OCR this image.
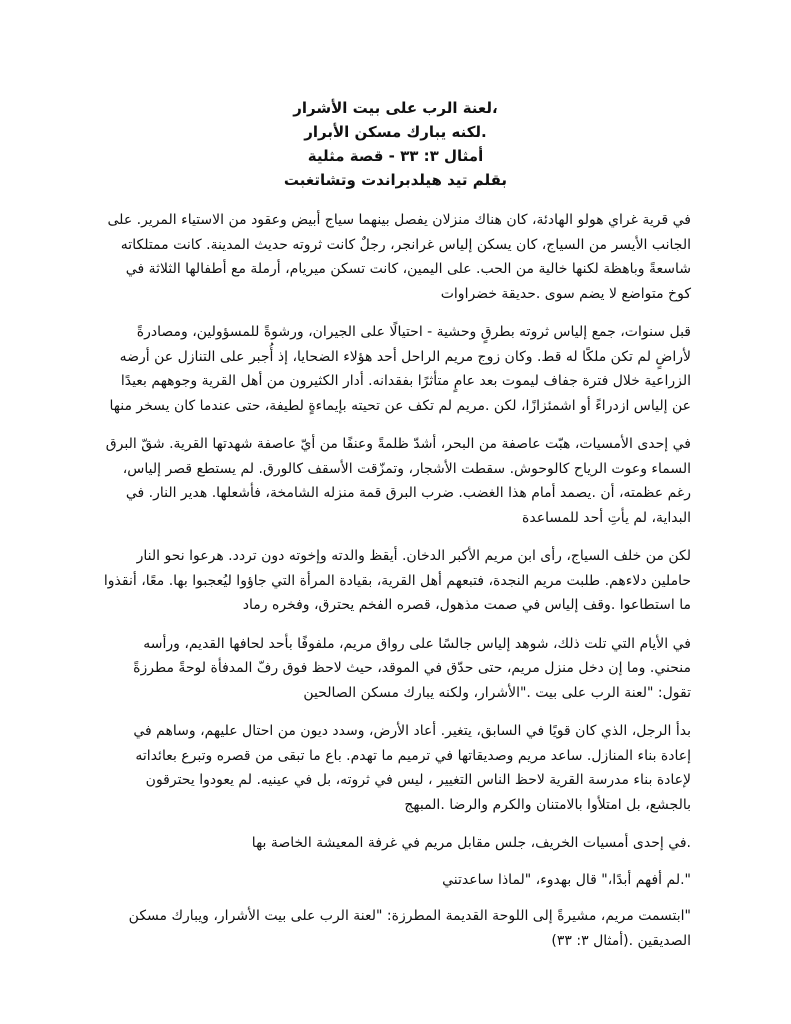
،لعنة الرب على بيت الأشرار
.لكنه يبارك مسكن الأبرار
أمثال ٣: ٣٣ - قصة مثلية
بقلم تيد هيلدبراندت وتشاتغبت

في قرية غراي هولو الهادئة، كان هناك منزلان يفصل بينهما سياج أبيض وعقود من الاستياء المرير. على الجانب الأيسر من السياج، كان يسكن إلياس غرانجر، رجلٌ كانت ثروته حديث المدينة. كانت ممتلكاته شاسعةً وباهظة لكنها خالية من الحب. على اليمين، كانت تسكن ميريام، أرملة مع أطفالها الثلاثة في كوخ متواضع لا يضم سوى .حديقة خضراوات

قبل سنوات، جمع إلياس ثروته بطرقٍ وحشية - احتيالًا على الجيران، ورشوةً للمسؤولين، ومصادرةً لأراضٍ لم تكن ملكًا له قط. وكان زوج مريم الراحل أحد هؤلاء الضحايا، إذ أُجبر على التنازل عن أرضه الزراعية خلال فترة جفاف ليموت بعد عامٍ متأثرًا بفقدانه. أدار الكثيرون من أهل القرية وجوههم بعيدًا عن إلياس ازدراءً أو اشمئزازًا، لكن .مريم لم تكف عن تحيته بإيماءةٍ لطيفة، حتى عندما كان يسخر منها

في إحدى الأمسيات، هبّت عاصفة من البحر، أشدّ ظلمةً وعنفًا من أيّ عاصفة شهدتها القرية. شقّ البرق السماء وعوت الرياح كالوحوش. سقطت الأشجار، وتمزّقت الأسقف كالورق. لم يستطع قصر إلياس، رغم عظمته، أن .يصمد أمام هذا الغضب. ضرب البرق قمة منزله الشامخة، فأشعلها. هدير النار. في البداية، لم يأتِ أحد للمساعدة

لكن من خلف السياج، رأى ابن مريم الأكبر الدخان. أيقظ والدته وإخوته دون تردد. هرعوا نحو النار حاملين دلاءهم. طلبت مريم النجدة، فتبعهم أهل القرية، بقيادة المرأة التي جاؤوا ليُعجبوا بها. معًا، أنقذوا ما استطاعوا .وقف إلياس في صمت مذهول، قصره الفخم يحترق، وفخره رماد

في الأيام التي تلت ذلك، شوهد إلياس جالسًا على رواق مريم، ملفوفًا بأحد لحافها القديم، ورأسه منحني. وما إن دخل منزل مريم، حتى حدّق في الموقد، حيث لاحظ فوق رفّ المدفأة لوحةً مطرزةً تقول: "لعنة الرب على بيت ."الأشرار، ولكنه يبارك مسكن الصالحين

بدأ الرجل، الذي كان قويًا في السابق، يتغير. أعاد الأرض، وسدد ديون من احتال عليهم، وساهم في إعادة بناء المنازل. ساعد مريم وصديقاتها في ترميم ما تهدم. باع ما تبقى من قصره وتبرع بعائداته لإعادة بناء مدرسة القرية لاحظ الناس التغيير ، ليس في ثروته، بل في عينيه. لم يعودوا يحترقون بالجشع، بل امتلأوا بالامتنان والكرم والرضا .المبهج

.في إحدى أمسيات الخريف، جلس مقابل مريم في غرفة المعيشة الخاصة بها

".لم أفهم أبدًا،" قال بهدوء، "لماذا ساعدتني

"ابتسمت مريم، مشيرةً إلى اللوحة القديمة المطرزة: "لعنة الرب على بيت الأشرار، ويبارك مسكن الصديقين .(أمثال ٣: ٣٣)
